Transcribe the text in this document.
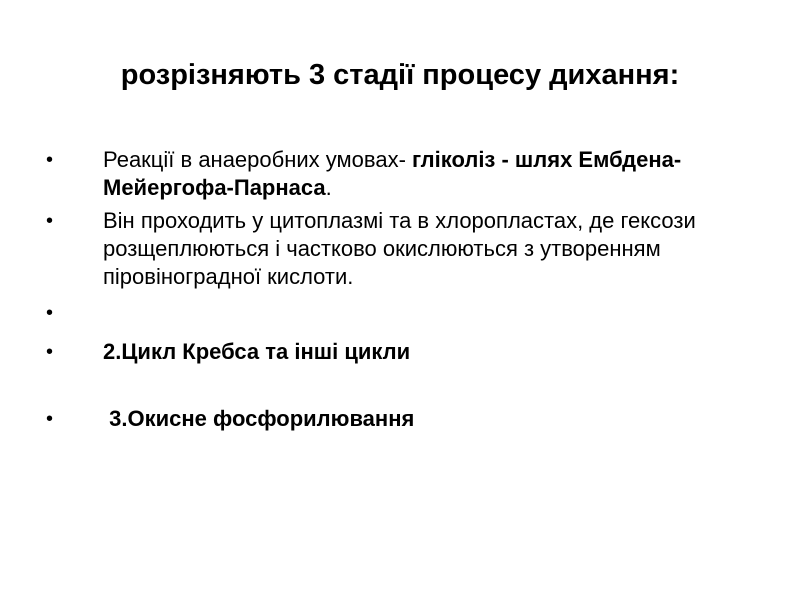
розрізняють 3 стадії процесу дихання:
• Реакції в анаеробних умовах- гліколіз - шлях Ембдена-Мейергофа-Парнаса.
• Він проходить у цитоплазмі та в хлоропластах, де гексози розщеплюються і частково окислюються з утворенням піровіноградної кислоти.
•
• 2.Цикл Кребса та інші цикли
• 3.Окисне фосфорилювання
